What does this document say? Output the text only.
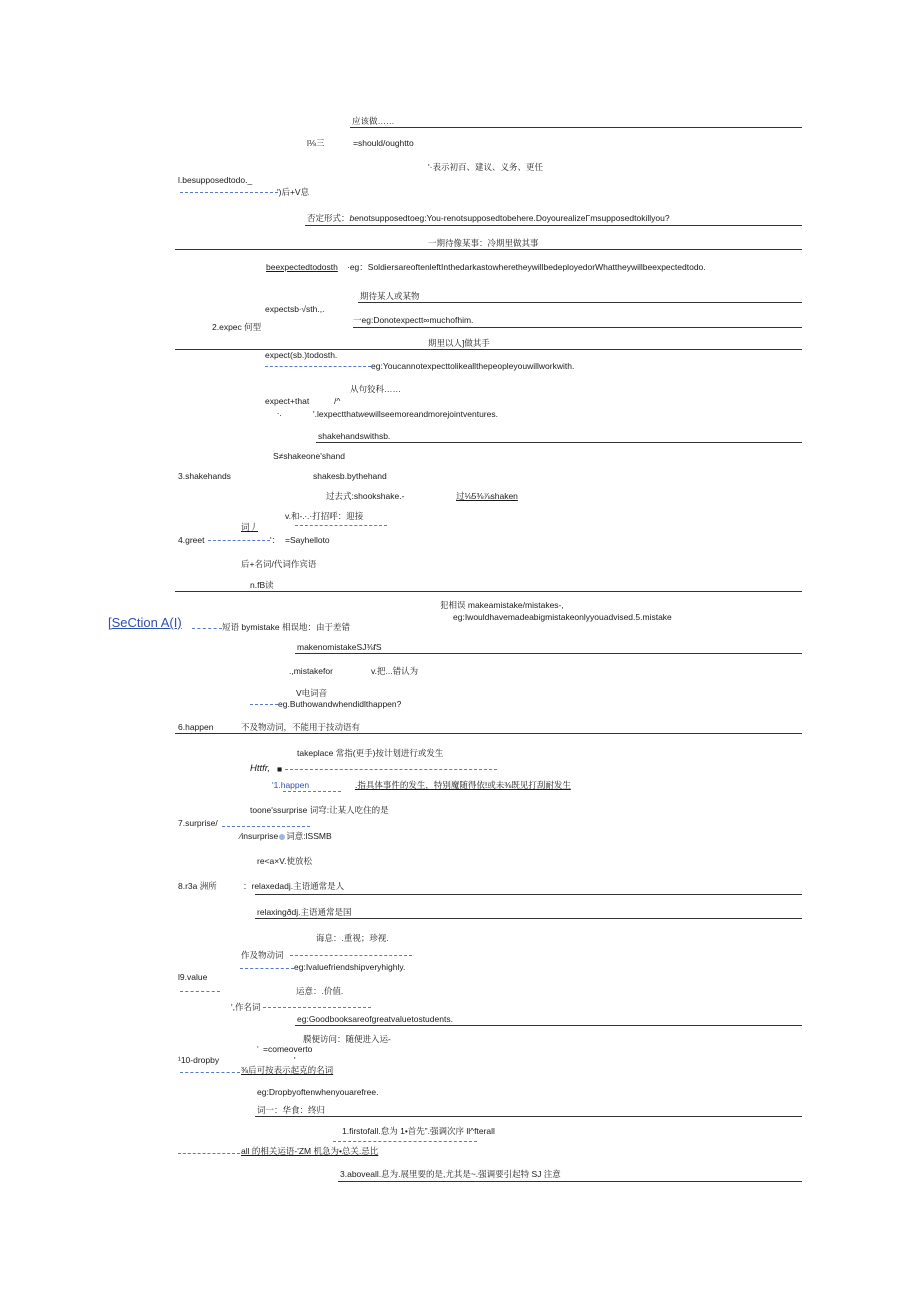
应该做……
l⅛三	=should/oughtto
'·表示初百、建议、义务、更任
l.besupposedtodo._
')后+V息
否定形式：benotsupposedtoeg:You-renotsupposedtobehere.DoyourealizeΓmsupposedtokillyou?
一期待像某事：冷期里做其事
beexpectedtodosth ·eg：SoldiersareoftenleftInthedarkastowheretheywillbedeployedorWhattheywillbeexpectedtodo.
期待某人或某物
expectsb∙√sth.,.
一eg:Donotexpectt∞muchofhim.
2.expec 何型
期里以人]做其手
expect(sb.)todosth.
eg:Youcannotexpecttolikeallthepeopleyouwillworkwith.
从句狡科……
expect+that	/^
∙.	'.lexpectthatwewillseemoreandmorejointventures.
shakehandswithsb.
S≠shakeone'shand
3.shakehands	shakesb.bythehand
过去式:shookshake.-	过⅛5⅜⅞shaken
v.和-.∙.·打招呼：迎接
词丿
4.greet	'： =Sayhelloto
后+名词/代词作宾语
n.fB读
犯相误 makeamistake/mistakes-,
eg:Iwouldhavemadeabigmistakeonlyyouadvised.5.mistake
[SeCtion A(I)	短语 bymistake 相误地：由于差错
makenomistakeSJ⅜fS
.,mistakefor	v.把...错认为
V电词音
eg.Buthowandwhendidlthappen?
6.happen	不及物动词，不能用于技动语有
takeplace 常指(更手)按计划进行或发生
Httfr, ■
'1.happen	.指具体事件的发生，特别魔随得依!或未⅜既见打刮耐发生
toone'ssurprise 词穹:让某人吃住的是
7.surprise/
∕insurprise 词意:lSSMB
re<a×V.使放松
8.r3a 洲所	：relaxedadj.主语通常是人
relaxingðdj.主语通常是国
诲息：.重视；珍视.
作及物动词
eg:Ivaluefriendshipveryhighly.
l9.value
运意：.价值.
',作名词
eg:Goodbooksareofgreatvaluetostudents.
膜便访问：随便进入运-
' =comeoverto
¹10-dropby	'
⅜后可按表示起克的名词
eg:Dropbyoftenwhenyouarefree.
词一：华食：终归
1.firstofall.怠为 1•首先”.强调次序 ll^fterall
all 的相关运语-'ZM 机急为•总关.忌比
3.aboveall.息为.展里要的是,尤其是~.强调要引起特 SJ 注意
